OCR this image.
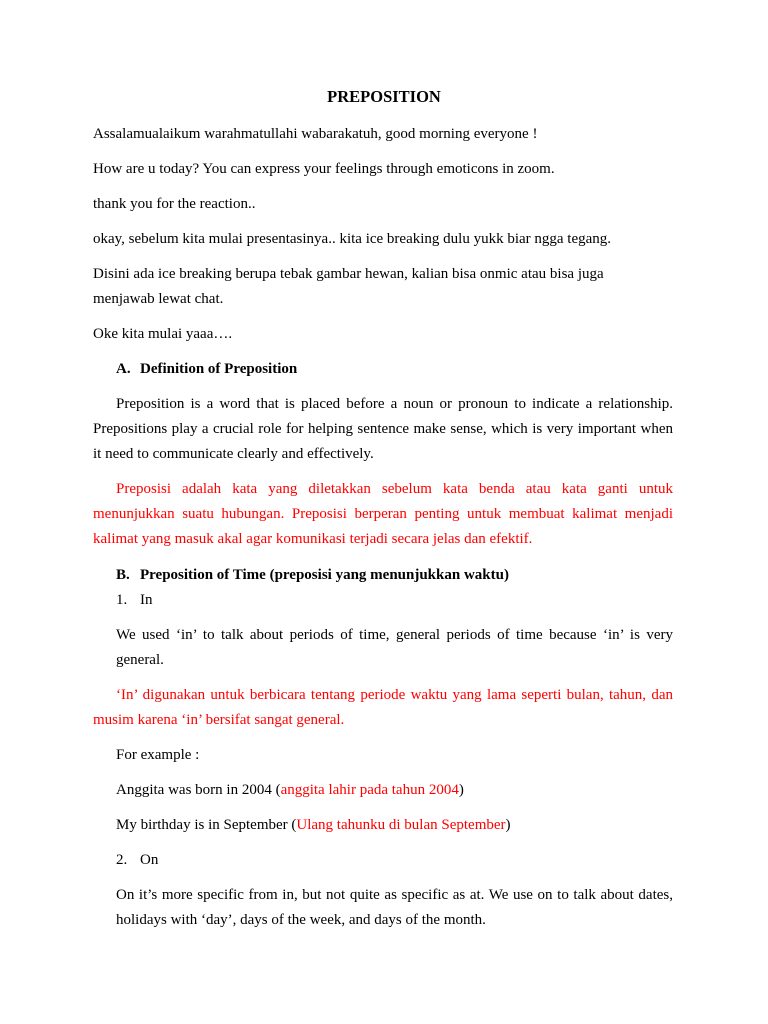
PREPOSITION

Assalamualaikum warahmatullahi wabarakatuh, good morning everyone !

How are u today? You can express your feelings through emoticons in zoom.

thank you for the reaction..

okay, sebelum kita mulai presentasinya.. kita ice breaking dulu yukk biar ngga tegang.

Disini ada ice breaking berupa tebak gambar hewan, kalian bisa onmic atau bisa juga menjawab lewat chat.

Oke kita mulai yaaa….

A. Definition of Preposition

Preposition is a word that is placed before a noun or pronoun to indicate a relationship. Prepositions play a crucial role for helping sentence make sense, which is very important when it need to communicate clearly and effectively.

Preposisi adalah kata yang diletakkan sebelum kata benda atau kata ganti untuk menunjukkan suatu hubungan. Preposisi berperan penting untuk membuat kalimat menjadi kalimat yang masuk akal agar komunikasi terjadi secara jelas dan efektif.

B. Preposition of Time (preposisi yang menunjukkan waktu)

1. In

We used ‘in’ to talk about periods of time, general periods of time because ‘in’ is very general.

‘In’ digunakan untuk berbicara tentang periode waktu yang lama seperti bulan, tahun, dan musim karena ‘in’ bersifat sangat general.

For example :

Anggita was born in 2004 (anggita lahir pada tahun 2004)

My birthday is in September (Ulang tahunku di bulan September)

2. On

On it’s more specific from in, but not quite as specific as at. We use on to talk about dates, holidays with ‘day’, days of the week, and days of the month.
